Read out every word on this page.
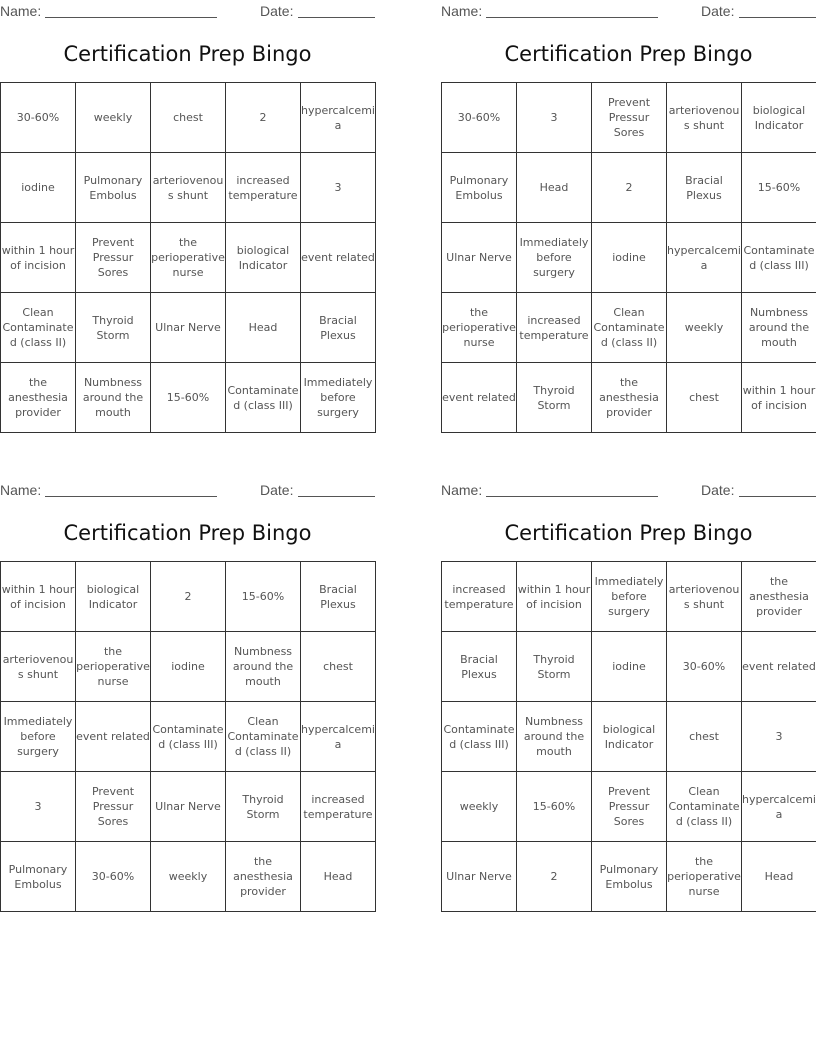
Name:	Date:
Certification Prep Bingo
30-60%	weekly	chest	2	hypercalcemia
iodine	Pulmonary Embolus	arteriovenous shunt	increased temperature	3
within 1 hour of incision	Prevent Pressur Sores	the perioperative nurse	biological Indicator	event related
Clean Contaminated (class II)	Thyroid Storm	Ulnar Nerve	Head	Bracial Plexus
the anesthesia provider	Numbness around the mouth	15-60%	Contaminated (class III)	Immediately before surgery
Name:	Date:
Certification Prep Bingo
30-60%	3	Prevent Pressur Sores	arteriovenous shunt	biological Indicator
Pulmonary Embolus	Head	2	Bracial Plexus	15-60%
Ulnar Nerve	Immediately before surgery	iodine	hypercalcemia	Contaminated (class III)
the perioperative nurse	increased temperature	Clean Contaminated (class II)	weekly	Numbness around the mouth
event related	Thyroid Storm	the anesthesia provider	chest	within 1 hour of incision
Name:	Date:
Certification Prep Bingo
within 1 hour of incision	biological Indicator	2	15-60%	Bracial Plexus
arteriovenous shunt	the perioperative nurse	iodine	Numbness around the mouth	chest
Immediately before surgery	event related	Contaminated (class III)	Clean Contaminated (class II)	hypercalcemia
3	Prevent Pressur Sores	Ulnar Nerve	Thyroid Storm	increased temperature
Pulmonary Embolus	30-60%	weekly	the anesthesia provider	Head
Name:	Date:
Certification Prep Bingo
increased temperature	within 1 hour of incision	Immediately before surgery	arteriovenous shunt	the anesthesia provider
Bracial Plexus	Thyroid Storm	iodine	30-60%	event related
Contaminated (class III)	Numbness around the mouth	biological Indicator	chest	3
weekly	15-60%	Prevent Pressur Sores	Clean Contaminated (class II)	hypercalcemia
Ulnar Nerve	2	Pulmonary Embolus	the perioperative nurse	Head
